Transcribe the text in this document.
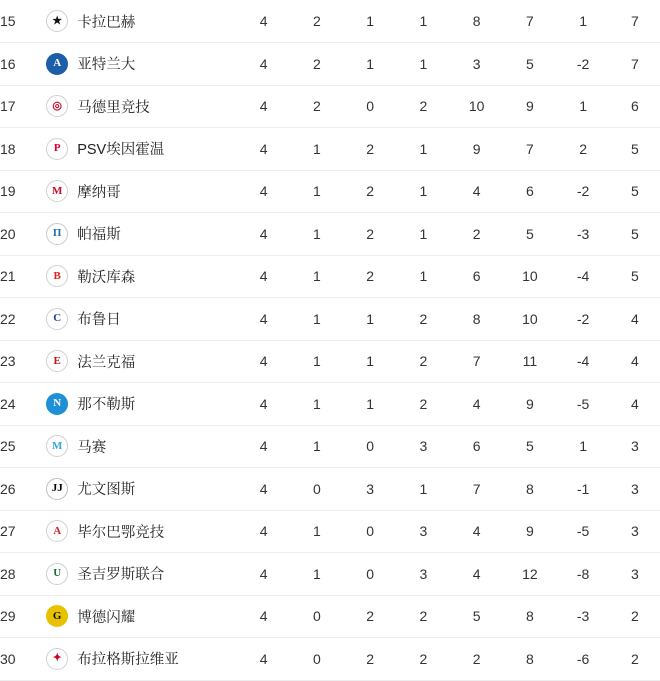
15	★ 卡拉巴赫	4	2	1	1	8	7	1	7
16	A 亚特兰大	4	2	1	1	3	5	-2	7
17	◎ 马德里竞技	4	2	0	2	10	9	1	6
18	P PSV埃因霍温	4	1	2	1	9	7	2	5
19	M 摩纳哥	4	1	2	1	4	6	-2	5
20	Π 帕福斯	4	1	2	1	2	5	-3	5
21	B 勒沃库森	4	1	2	1	6	10	-4	5
22	C 布鲁日	4	1	1	2	8	10	-2	4
23	E 法兰克福	4	1	1	2	7	11	-4	4
24	N 那不勒斯	4	1	1	2	4	9	-5	4
25	M 马赛	4	1	0	3	6	5	1	3
26	JJ 尤文图斯	4	0	3	1	7	8	-1	3
27	A 毕尔巴鄂竞技	4	1	0	3	4	9	-5	3
28	U 圣吉罗斯联合	4	1	0	3	4	12	-8	3
29	G 博德闪耀	4	0	2	2	5	8	-3	2
30	✦ 布拉格斯拉维亚	4	0	2	2	2	8	-6	2
